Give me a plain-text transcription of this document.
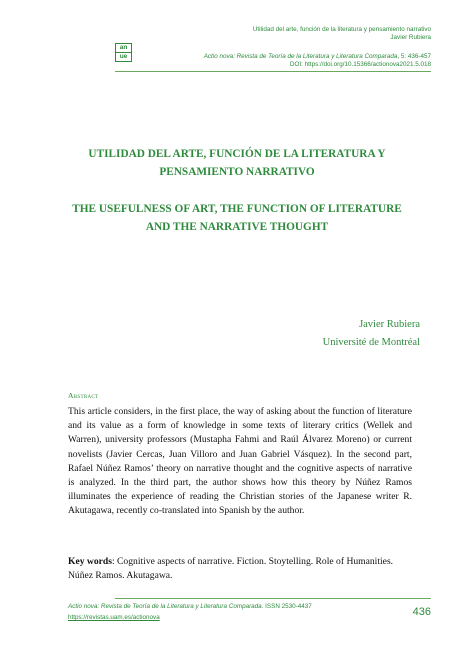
Utilidad del arte, función de la literatura y pensamiento narrativo
Javier Rubiera
an
ue	Actio nova: Revista de Teoría de la Literatura y Literatura Comparada, 5: 436-457
DOI: https://doi.org/10.15366/actionova2021.5.018
UTILIDAD DEL ARTE, FUNCIÓN DE LA LITERATURA Y
PENSAMIENTO NARRATIVO
THE USEFULNESS OF ART, THE FUNCTION OF LITERATURE
AND THE NARRATIVE THOUGHT
Javier Rubiera
Université de Montréal
Abstract
This article considers, in the first place, the way of asking about the function of literature and its value as a form of knowledge in some texts of literary critics (Wellek and Warren), university professors (Mustapha Fahmi and Raúl Álvarez Moreno) or current novelists (Javier Cercas, Juan Villoro and Juan Gabriel Vásquez). In the second part, Rafael Núñez Ramos’ theory on narrative thought and the cognitive aspects of narrative is analyzed. In the third part, the author shows how this theory by Núñez Ramos illuminates the experience of reading the Christian stories of the Japanese writer R. Akutagawa, recently co-translated into Spanish by the author.
Key words: Cognitive aspects of narrative. Fiction. Stoytelling. Role of Humanities. Núñez Ramos. Akutagawa.
Actio nova: Revista de Teoría de la Literatura y Literatura Comparada. ISSN 2530-4437
https://revistas.uam.es/actionova	436
